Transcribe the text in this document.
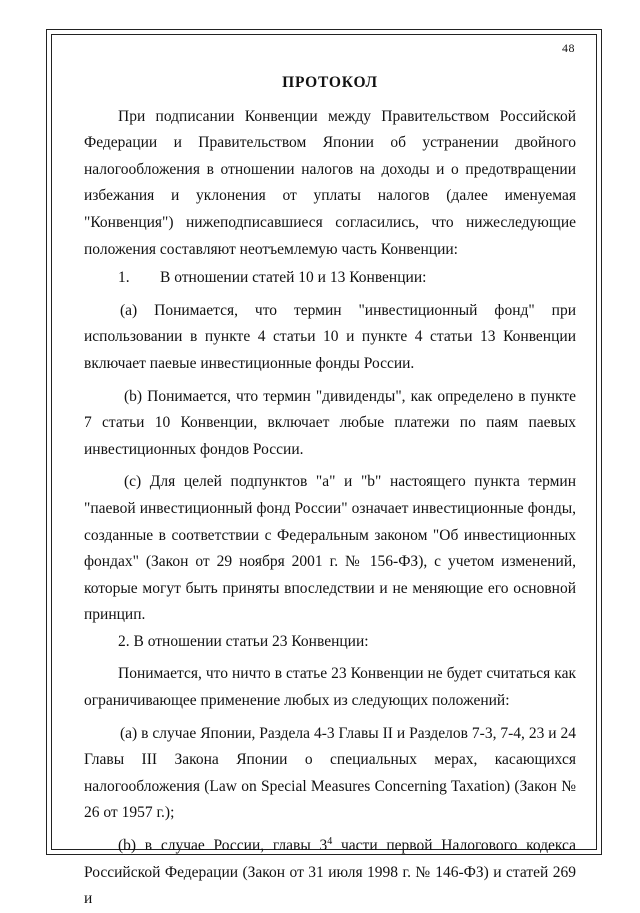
48
ПРОТОКОЛ

При подписании Конвенции между Правительством Российской Федерации и Правительством Японии об устранении двойного налогообложения в отношении налогов на доходы и о предотвращении избежания и уклонения от уплаты налогов (далее именуемая "Конвенция") нижеподписавшиеся согласились, что нижеследующие положения составляют неотъемлемую часть Конвенции:

1. В отношении статей 10 и 13 Конвенции:

(a) Понимается, что термин "инвестиционный фонд" при использовании в пункте 4 статьи 10 и пункте 4 статьи 13 Конвенции включает паевые инвестиционные фонды России.

(b) Понимается, что термин "дивиденды", как определено в пункте 7 статьи 10 Конвенции, включает любые платежи по паям паевых инвестиционных фондов России.

(c) Для целей подпунктов "a" и "b" настоящего пункта термин "паевой инвестиционный фонд России" означает инвестиционные фонды, созданные в соответствии с Федеральным законом "Об инвестиционных фондах" (Закон от 29 ноября 2001 г. № 156-ФЗ), с учетом изменений, которые могут быть приняты впоследствии и не меняющие его основной принцип.

2. В отношении статьи 23 Конвенции:

Понимается, что ничто в статье 23 Конвенции не будет считаться как ограничивающее применение любых из следующих положений:

(a) в случае Японии, Раздела 4-3 Главы II и Разделов 7-3, 7-4, 23 и 24 Главы III Закона Японии о специальных мерах, касающихся налогообложения (Law on Special Measures Concerning Taxation) (Закон № 26 от 1957 г.);

(b) в случае России, главы $3^4$ части первой Налогового кодекса Российской Федерации (Закон от 31 июля 1998 г. № 146-ФЗ) и статей 269 и
